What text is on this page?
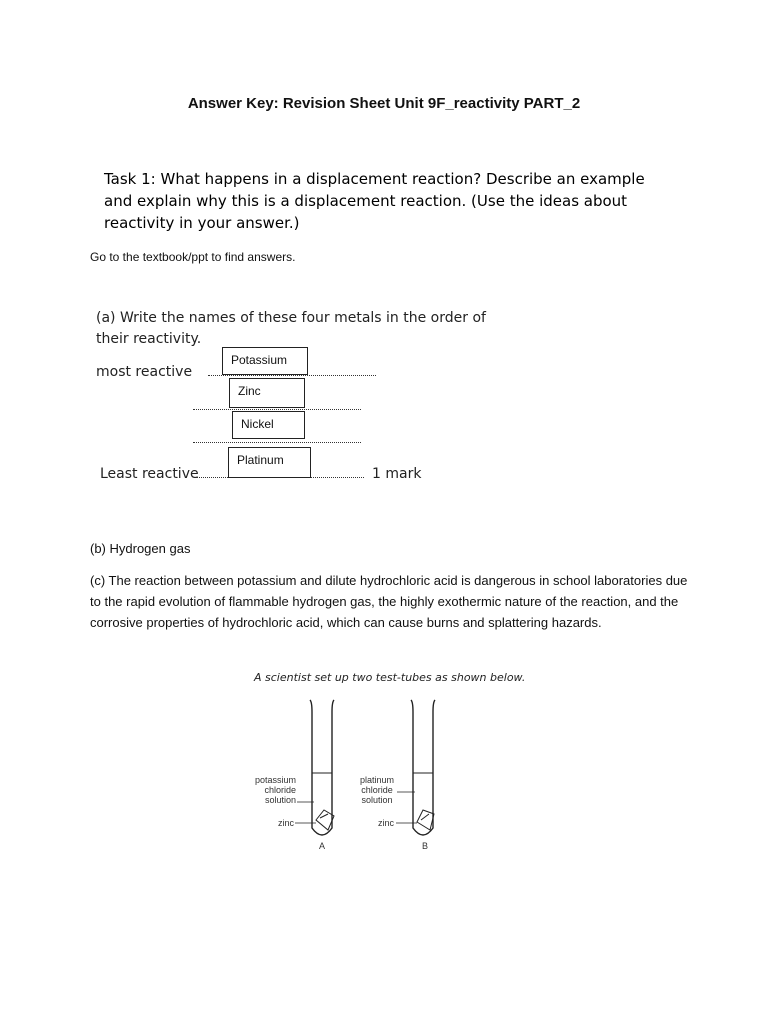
Answer Key: Revision Sheet Unit 9F_reactivity PART_2
Task 1: What happens in a displacement reaction? Describe an example and explain why this is a displacement reaction. (Use the ideas about reactivity in your answer.)
Go to the textbook/ppt to find answers.
(a) Write the names of these four metals in the order of
their reactivity.
most reactive
Least reactive	1 mark
Potassium
Zinc
Nickel
Platinum
(b) Hydrogen gas
(c) The reaction between potassium and dilute hydrochloric acid is dangerous in school laboratories due to the rapid evolution of flammable hydrogen gas, the highly exothermic nature of the reaction, and the corrosive properties of hydrochloric acid, which can cause burns and splattering hazards.
A scientist set up two test-tubes as shown below.
potassium
chloride
solution
zinc
A
platinum
chloride
solution
zinc
B
